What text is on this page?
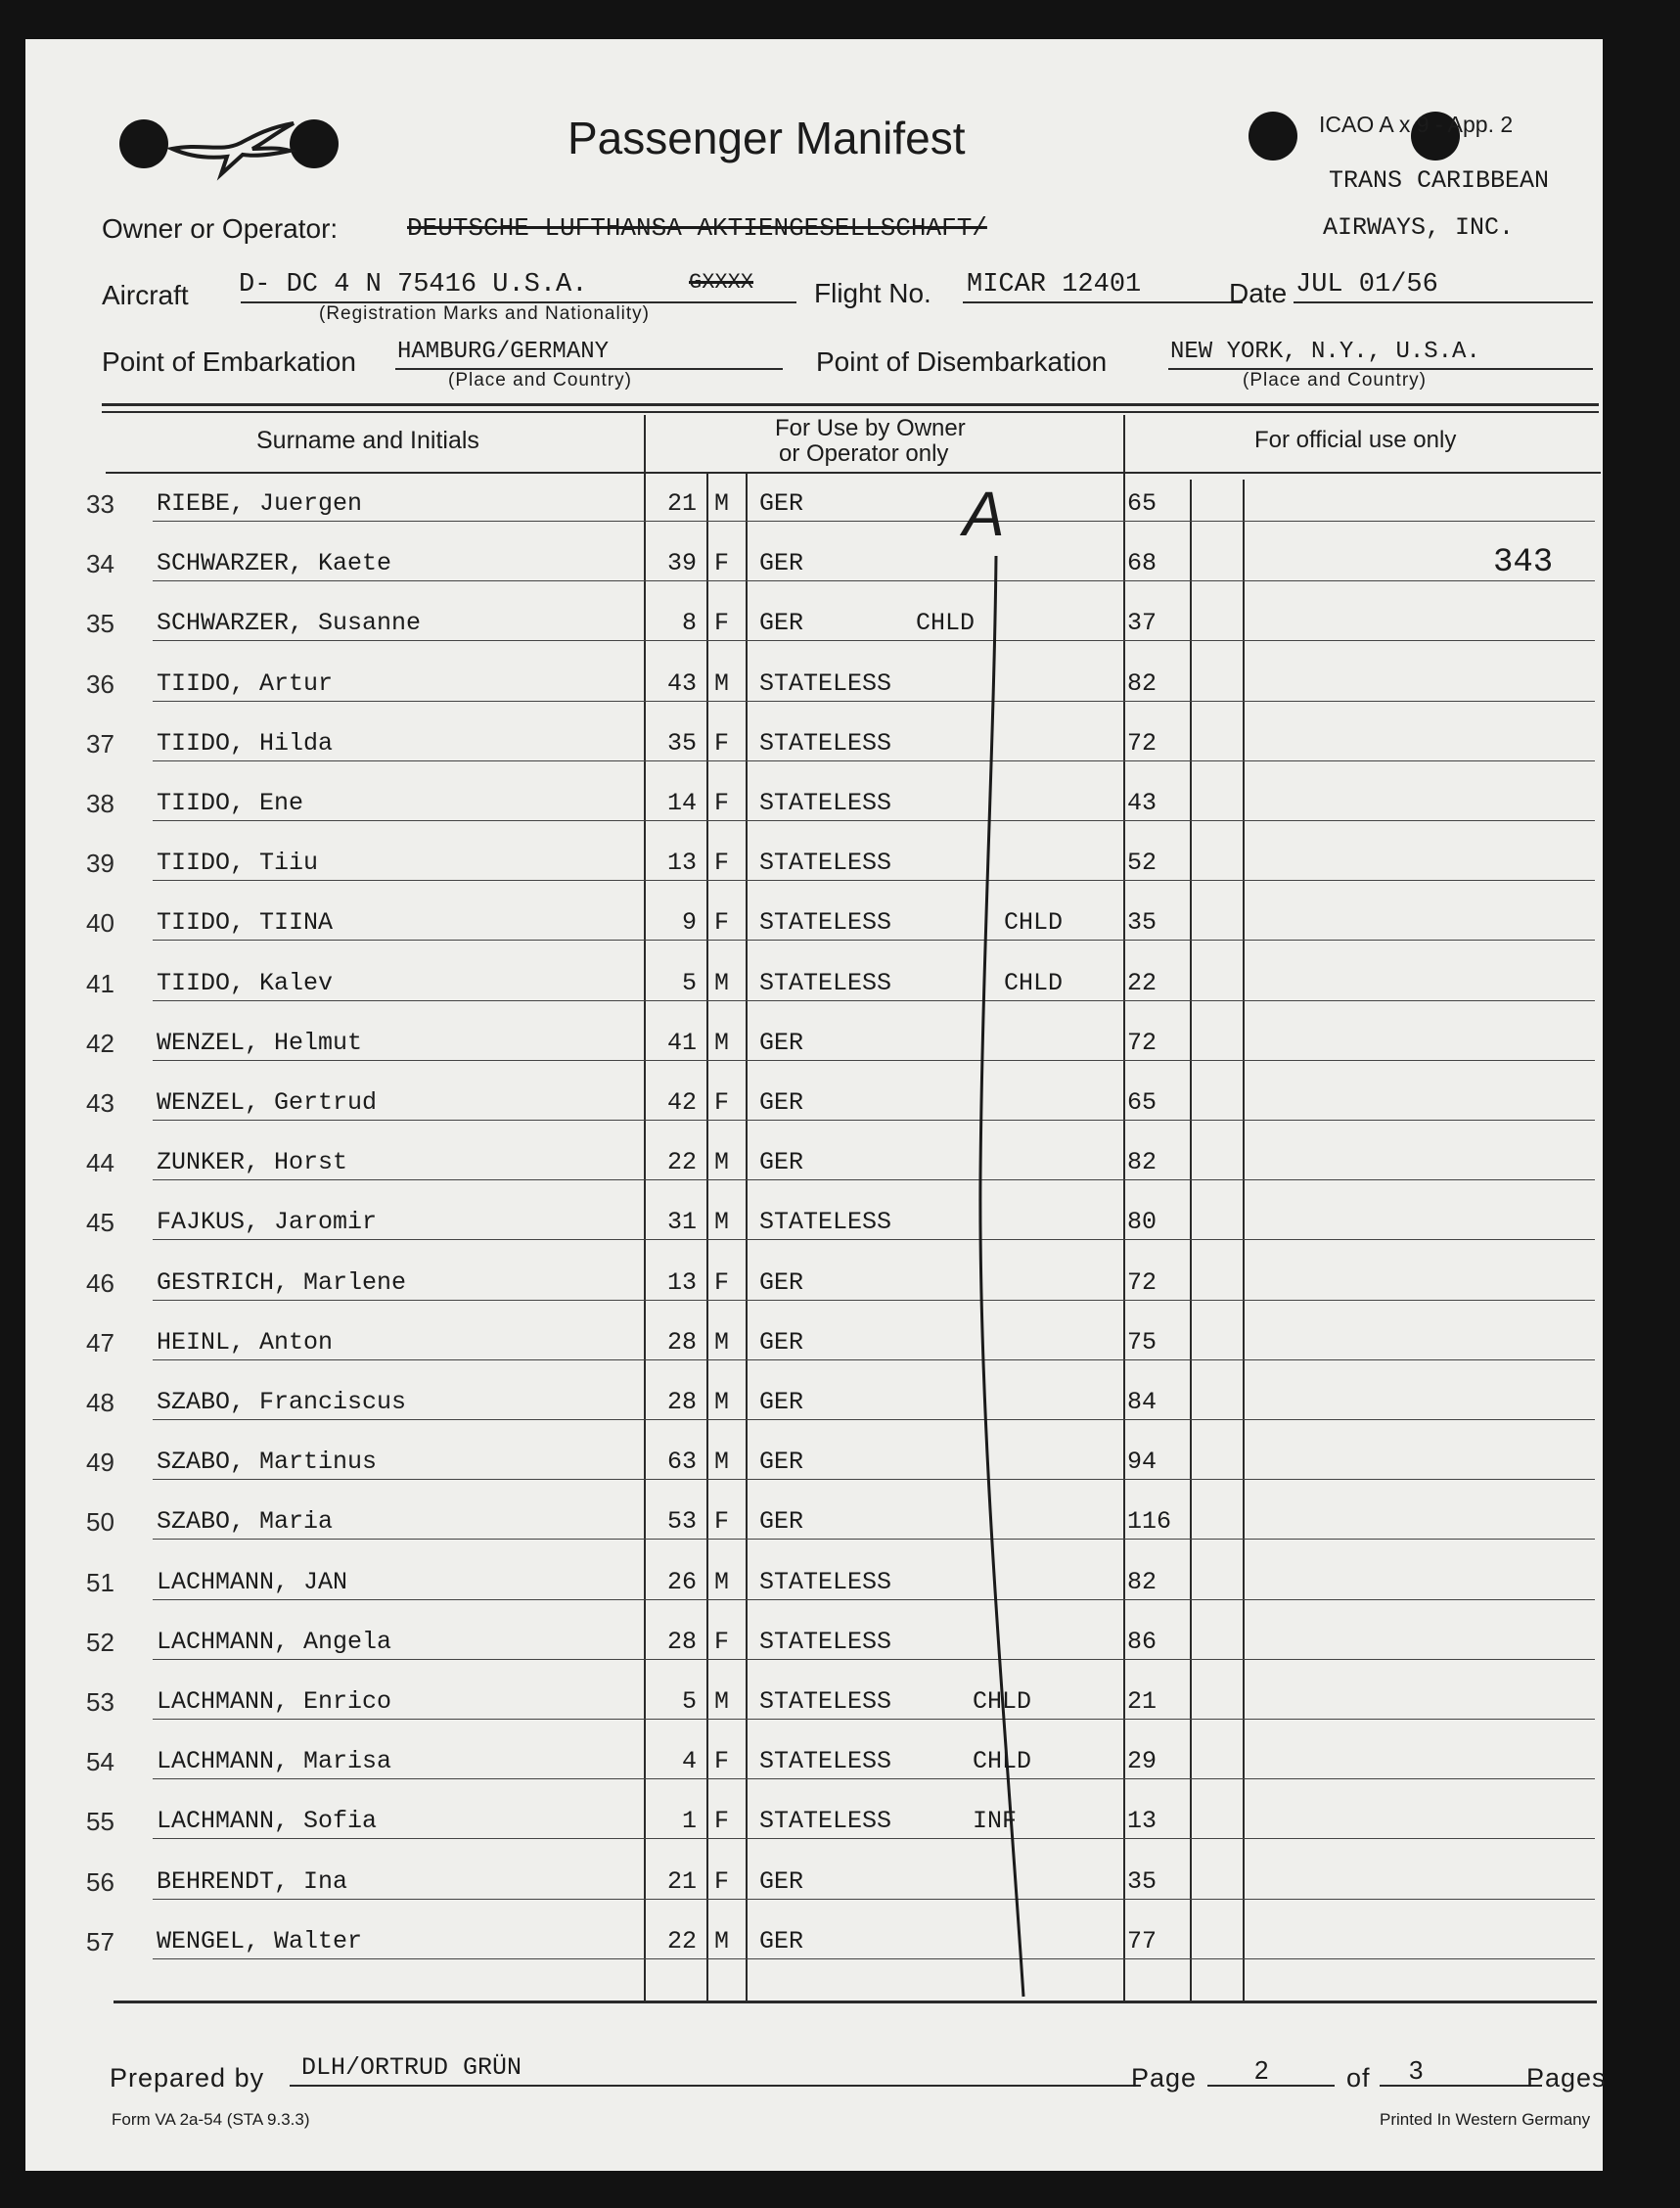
Passenger Manifest	ICAO A x 9 - App. 2
TRANS CARIBBEAN
Owner or Operator:	DEUTSCHE LUFTHANSA AKTIENGESELLSCHAFT/	AIRWAYS, INC.
Aircraft D- DC 4 N 75416 U.S.A.	GXXXX
(Registration Marks and Nationality)
Flight No. MICAR 12401	Date JUL 01/56
Point of Embarkation HAMBURG/GERMANY
(Place and Country)
Point of Disembarkation	NEW YORK, N.Y., U.S.A.
(Place and Country)
Surname and Initials	For Use by Owner
or Operator only
For official use only
33 RIEBE, Juergen	21 M GER	65
34 SCHWARZER, Kaete	39 F GER	68
35 SCHWARZER, Susanne	8 F GER	CHLD	37
36 TIIDO, Artur	43 M STATELESS	82
37 TIIDO, Hilda	35 F STATELESS	72
38 TIIDO, Ene	14 F STATELESS	43
39 TIIDO, Tiiu	13 F STATELESS	52
40 TIIDO, TIINA	9 F STATELESS	CHLD	35
41 TIIDO, Kalev	5 M STATELESS	CHLD	22
42 WENZEL, Helmut	41 M GER	72
43 WENZEL, Gertrud	42 F GER	65
44 ZUNKER, Horst	22 M GER	82
45 FAJKUS, Jaromir	31 M STATELESS	80
46 GESTRICH, Marlene	13 F GER	72
47 HEINL, Anton	28 M GER	75
48 SZABO, Franciscus	28 M GER	84
49 SZABO, Martinus	63 M GER	94
50 SZABO, Maria	53 F GER	116
51 LACHMANN, JAN	26 M STATELESS	82
52 LACHMANN, Angela	28 F STATELESS	86
53 LACHMANN, Enrico	5 M STATELESS	CHLD	21
54 LACHMANN, Marisa	4 F STATELESS	CHLD	29
55 LACHMANN, Sofia	1 F STATELESS	INF	13
56 BEHRENDT, Ina	21 F GER	35
57 WENGEL, Walter	22 M GER	77
343
A
Prepared by DLH/ORTRUD GRÜN	Page 2	of 3	Pages
Form VA 2a-54 (STA 9.3.3)	Printed In Western Germany
